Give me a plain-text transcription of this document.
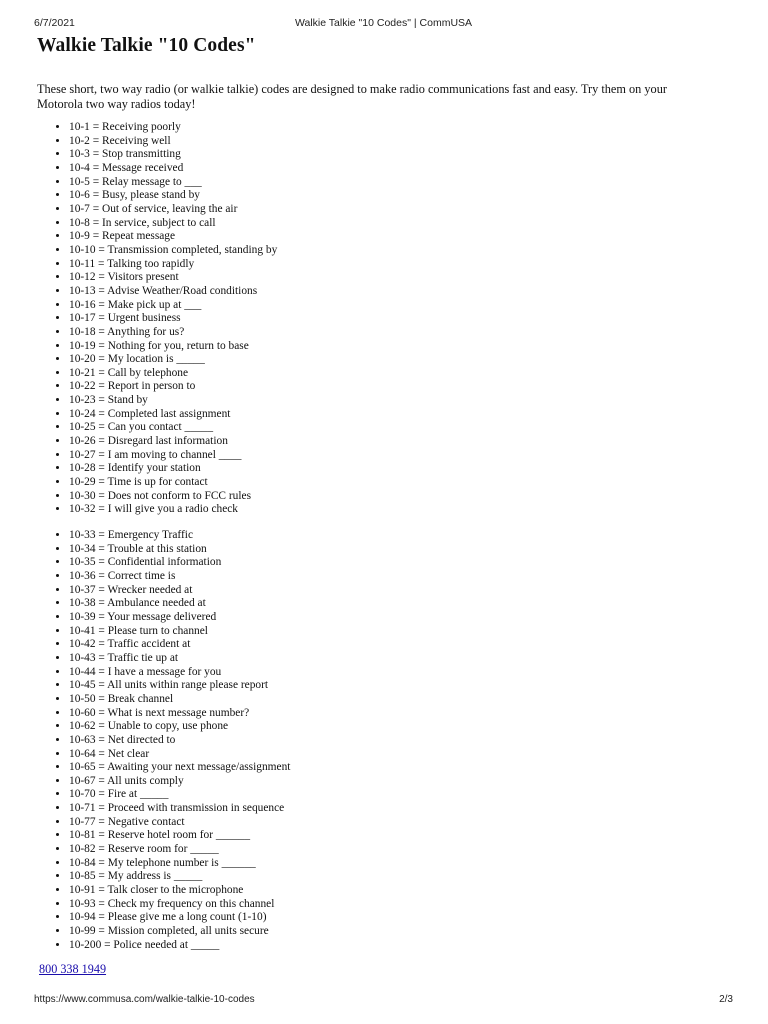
6/7/2021	Walkie Talkie "10 Codes" | CommUSA
Walkie Talkie "10 Codes"

These short, two way radio (or walkie talkie) codes are designed to make radio communications fast and easy. Try them on your Motorola two way radios today!

• 10-1 = Receiving poorly
• 10-2 = Receiving well
• 10-3 = Stop transmitting
• 10-4 = Message received
• 10-5 = Relay message to ___
• 10-6 = Busy, please stand by
• 10-7 = Out of service, leaving the air
• 10-8 = In service, subject to call
• 10-9 = Repeat message
• 10-10 = Transmission completed, standing by
• 10-11 = Talking too rapidly
• 10-12 = Visitors present
• 10-13 = Advise Weather/Road conditions
• 10-16 = Make pick up at ___
• 10-17 = Urgent business
• 10-18 = Anything for us?
• 10-19 = Nothing for you, return to base
• 10-20 = My location is _____
• 10-21 = Call by telephone
• 10-22 = Report in person to
• 10-23 = Stand by
• 10-24 = Completed last assignment
• 10-25 = Can you contact _____
• 10-26 = Disregard last information
• 10-27 = I am moving to channel ____
• 10-28 = Identify your station
• 10-29 = Time is up for contact
• 10-30 = Does not conform to FCC rules
• 10-32 = I will give you a radio check
• 10-33 = Emergency Traffic
• 10-34 = Trouble at this station
• 10-35 = Confidential information
• 10-36 = Correct time is
• 10-37 = Wrecker needed at
• 10-38 = Ambulance needed at
• 10-39 = Your message delivered
• 10-41 = Please turn to channel
• 10-42 = Traffic accident at
• 10-43 = Traffic tie up at
• 10-44 = I have a message for you
• 10-45 = All units within range please report
• 10-50 = Break channel
• 10-60 = What is next message number?
• 10-62 = Unable to copy, use phone
• 10-63 = Net directed to
• 10-64 = Net clear
• 10-65 = Awaiting your next message/assignment
• 10-67 = All units comply
• 10-70 = Fire at _____
• 10-71 = Proceed with transmission in sequence
• 10-77 = Negative contact
• 10-81 = Reserve hotel room for ______
• 10-82 = Reserve room for _____
• 10-84 = My telephone number is ______
• 10-85 = My address is _____
• 10-91 = Talk closer to the microphone
• 10-93 = Check my frequency on this channel
• 10-94 = Please give me a long count (1-10)
• 10-99 = Mission completed, all units secure
• 10-200 = Police needed at _____
800 338 1949
https://www.commusa.com/walkie-talkie-10-codes	2/3
